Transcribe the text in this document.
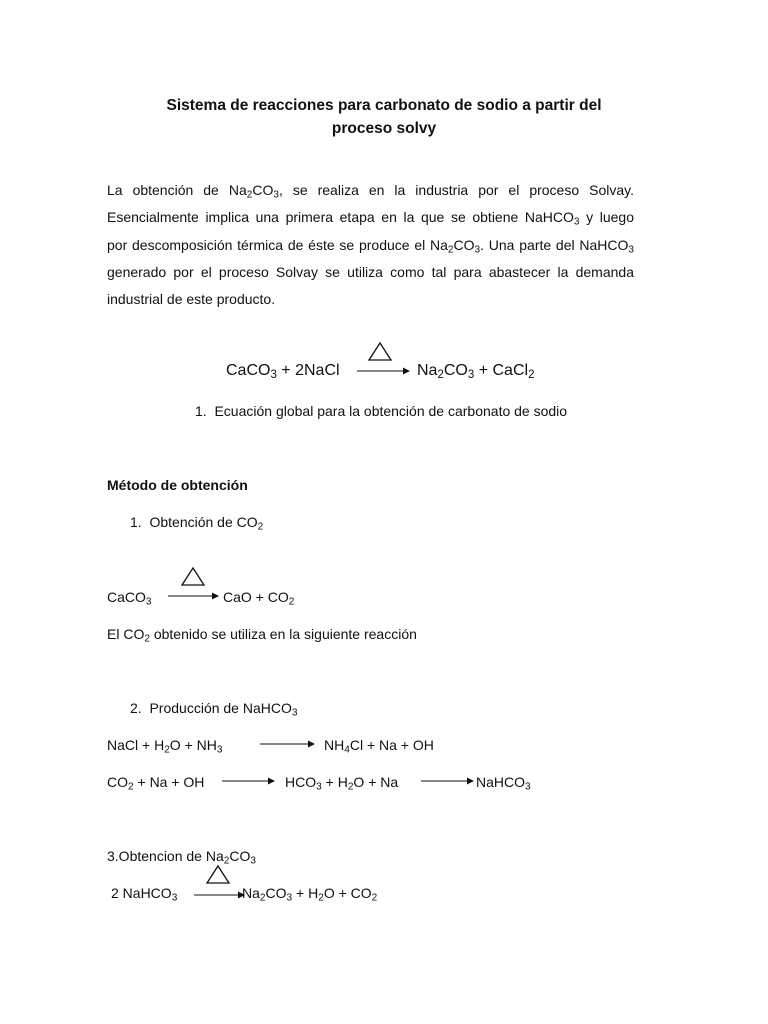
Sistema de reacciones para carbonato de sodio a partir del
proceso solvy
La obtención de $Na_2CO_3$, se realiza en la industria por el proceso Solvay.
Esencialmente implica una primera etapa en la que se obtiene NaHCO$_3$ y luego
por descomposición térmica de éste se produce el $Na_2CO_3$. Una parte del NaHCO$_3$
generado por el proceso Solvay se utiliza como tal para abastecer la demanda
industrial de este producto.
CaCO$_3$ + 2NaCl	$Na_2CO_3$ + CaCl$_2$
1. Ecuación global para la obtención de carbonato de sodio
Método de obtención
1. Obtención de $CO_2$
CaCO$_3$	CaO + $CO_2$
El $CO_2$ obtenido se utiliza en la siguiente reacción
2. Producción de NaHCO$_3$
NaCl + $H_2O + NH_3$	$NH_4Cl + Na$ + OH
$CO_2 + Na$ + OH	$HCO_3 + H_2O + Na$	NaHCO$_3$
3.Obtencion de $Na_2CO_3$
2 NaHCO$_3$	$Na_2CO_3 + H_2O + CO_2$
